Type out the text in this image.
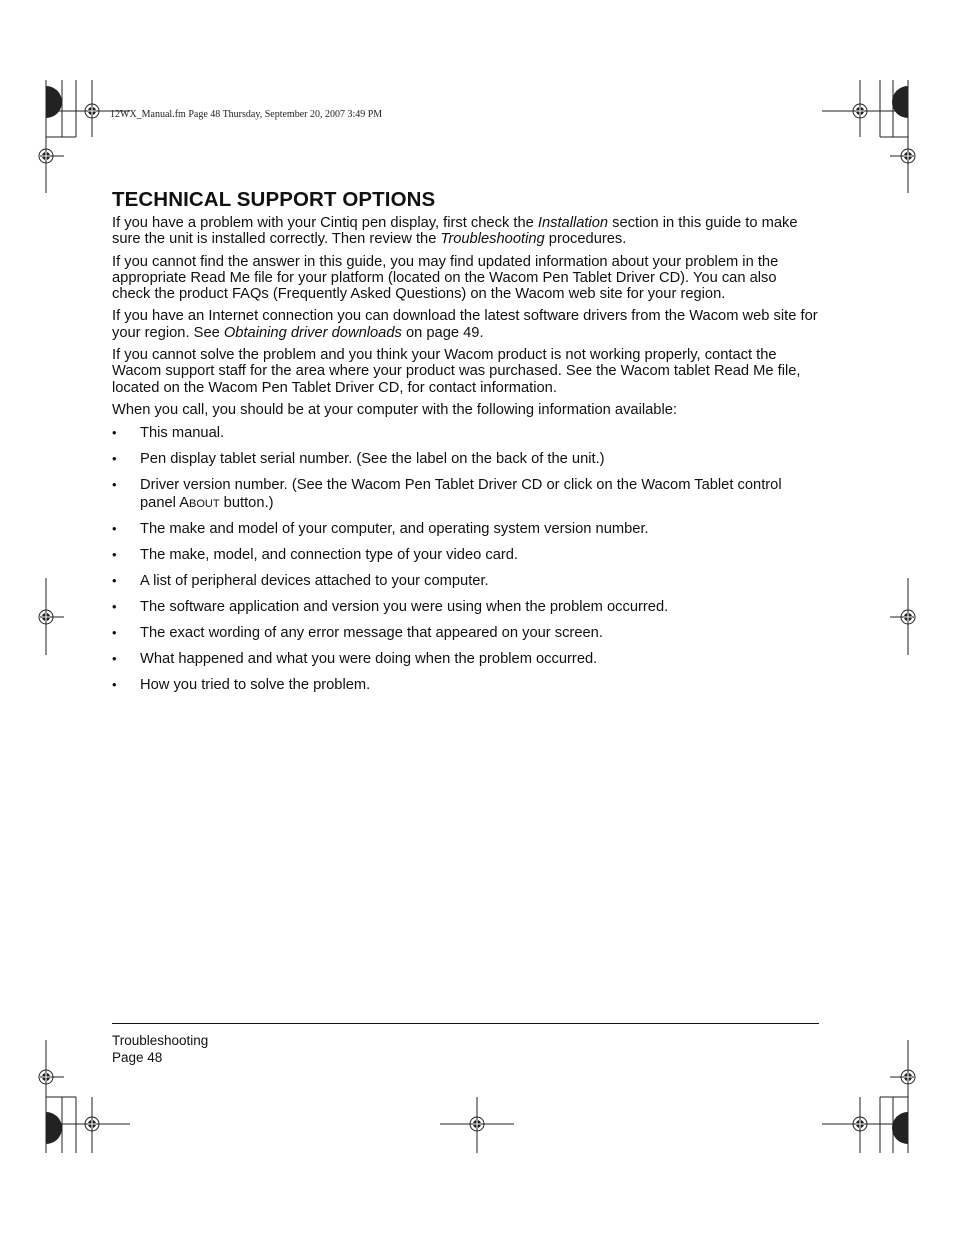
12WX_Manual.fm Page 48 Thursday, September 20, 2007 3:49 PM
TECHNICAL SUPPORT OPTIONS

If you have a problem with your Cintiq pen display, first check the Installation section in this guide to make sure the unit is installed correctly. Then review the Troubleshooting procedures.

If you cannot find the answer in this guide, you may find updated information about your problem in the appropriate Read Me file for your platform (located on the Wacom Pen Tablet Driver CD). You can also check the product FAQs (Frequently Asked Questions) on the Wacom web site for your region.

If you have an Internet connection you can download the latest software drivers from the Wacom web site for your region. See Obtaining driver downloads on page 49.

If you cannot solve the problem and you think your Wacom product is not working properly, contact the Wacom support staff for the area where your product was purchased. See the Wacom tablet Read Me file, located on the Wacom Pen Tablet Driver CD, for contact information.

When you call, you should be at your computer with the following information available:

• This manual.
• Pen display tablet serial number. (See the label on the back of the unit.)
• Driver version number. (See the Wacom Pen Tablet Driver CD or click on the Wacom Tablet control panel ABOUT button.)
• The make and model of your computer, and operating system version number.
• The make, model, and connection type of your video card.
• A list of peripheral devices attached to your computer.
• The software application and version you were using when the problem occurred.
• The exact wording of any error message that appeared on your screen.
• What happened and what you were doing when the problem occurred.
• How you tried to solve the problem.
Troubleshooting
Page 48
